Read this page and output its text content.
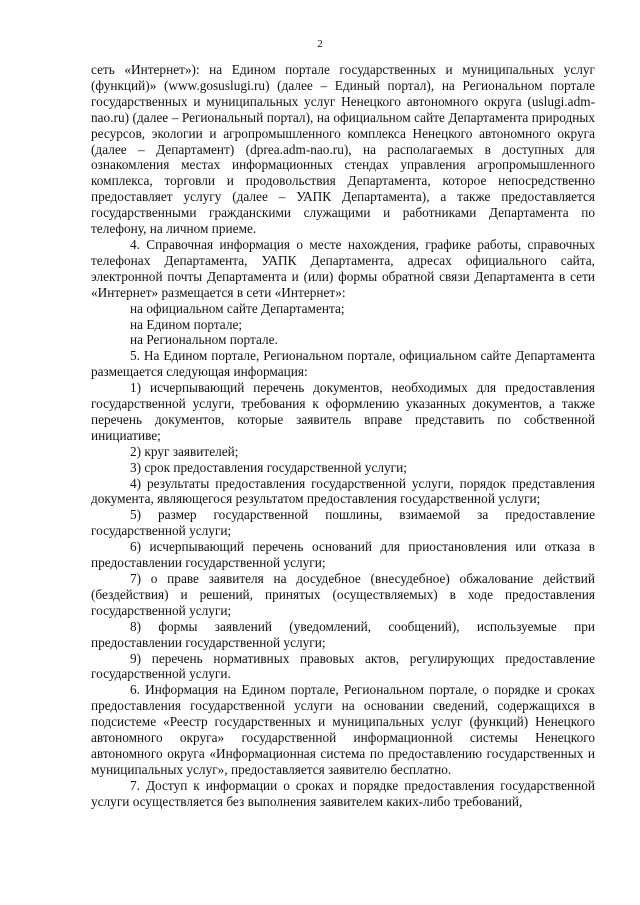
2

сеть «Интернет»): на Едином портале государственных и муниципальных услуг (функций)» (www.gosuslugi.ru) (далее – Единый портал), на Региональном портале государственных и муниципальных услуг Ненецкого автономного округа (uslugi.adm-nao.ru) (далее – Региональный портал), на официальном сайте Департамента природных ресурсов, экологии и агропромышленного комплекса Ненецкого автономного округа (далее – Департамент) (dprea.adm-nao.ru), на располагаемых в доступных для ознакомления местах информационных стендах управления агропромышленного комплекса, торговли и продовольствия Департамента, которое непосредственно предоставляет услугу (далее – УАПК Департамента), а также предоставляется государственными гражданскими служащими и работниками Департамента по телефону, на личном приеме.

4. Справочная информация о месте нахождения, графике работы, справочных телефонах Департамента, УАПК Департамента, адресах официального сайта, электронной почты Департамента и (или) формы обратной связи Департамента в сети «Интернет» размещается в сети «Интернет»:

на официальном сайте Департамента;

на Едином портале;

на Региональном портале.

5. На Едином портале, Региональном портале, официальном сайте Департамента размещается следующая информация:

1) исчерпывающий перечень документов, необходимых для предоставления государственной услуги, требования к оформлению указанных документов, а также перечень документов, которые заявитель вправе представить по собственной инициативе;

2) круг заявителей;

3) срок предоставления государственной услуги;

4) результаты предоставления государственной услуги, порядок представления документа, являющегося результатом предоставления государственной услуги;

5) размер государственной пошлины, взимаемой за предоставление государственной услуги;

6) исчерпывающий перечень оснований для приостановления или отказа в предоставлении государственной услуги;

7) о праве заявителя на досудебное (внесудебное) обжалование действий (бездействия) и решений, принятых (осуществляемых) в ходе предоставления государственной услуги;

8) формы заявлений (уведомлений, сообщений), используемые при предоставлении государственной услуги;

9) перечень нормативных правовых актов, регулирующих предоставление государственной услуги.

6. Информация на Едином портале, Региональном портале, о порядке и сроках предоставления государственной услуги на основании сведений, содержащихся в подсистеме «Реестр государственных и муниципальных услуг (функций) Ненецкого автономного округа» государственной информационной системы Ненецкого автономного округа «Информационная система по предоставлению государственных и муниципальных услуг», предоставляется заявителю бесплатно.

7. Доступ к информации о сроках и порядке предоставления государственной услуги осуществляется без выполнения заявителем каких-либо требований,
